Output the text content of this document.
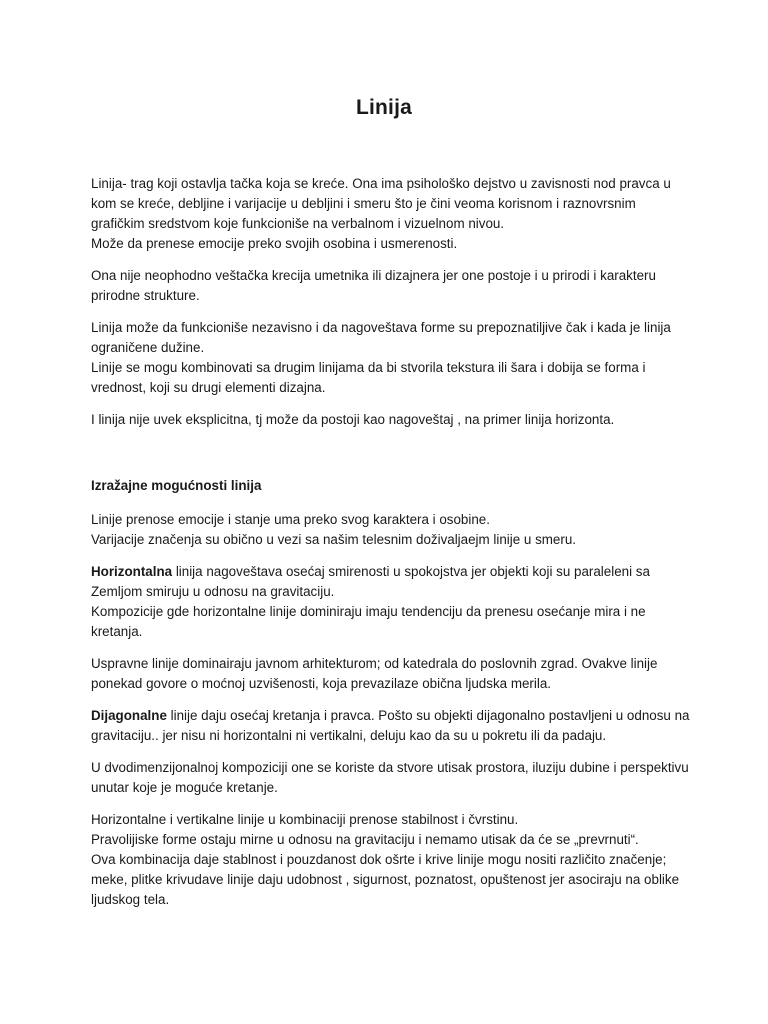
Linija

Linija- trag koji ostavlja tačka koja se kreće. Ona ima psihološko dejstvo u zavisnosti nod pravca u kom se kreće, debljine i varijacije u debljini i smeru što je čini veoma korisnom i raznovrsnim grafičkim sredstvom koje funkcioniše na verbalnom i vizuelnom nivou.
Može da prenese emocije preko svojih osobina i usmerenosti.

Ona nije neophodno veštačka krecija umetnika ili dizajnera jer one postoje i u prirodi i karakteru prirodne strukture.

Linija može da funkcioniše nezavisno i da nagoveštava forme su prepoznatiljive čak i kada je linija ograničene dužine.
Linije se mogu kombinovati sa drugim linijama da bi stvorila tekstura ili šara i dobija se forma i vrednost, koji su drugi elementi dizajna.

I linija nije uvek eksplicitna, tj može da postoji kao nagoveštaj , na primer linija horizonta.

Izražajne mogućnosti linija

Linije prenose emocije i stanje uma preko svog karaktera i osobine.
Varijacije značenja su obično u vezi sa našim telesnim doživaljaejm linije u smeru.

Horizontalna linija nagoveštava osećaj smirenosti u spokojstva jer objekti koji su paraleleni sa Zemljom smiruju u odnosu na gravitaciju.
Kompozicije gde horizontalne linije dominiraju imaju tendenciju da prenesu osećanje mira i ne kretanja.

Uspravne linije dominairaju javnom arhitekturom; od katedrala do poslovnih zgrad. Ovakve linije ponekad govore o moćnoj uzvišenosti, koja prevazilaze obična ljudska merila.

Dijagonalne linije daju osećaj kretanja i pravca. Pošto su objekti dijagonalno postavljeni u odnosu na gravitaciju.. jer nisu ni horizontalni ni vertikalni, deluju kao da su u pokretu ili da padaju.

U dvodimenzijonalnoj kompoziciji one se koriste da stvore utisak prostora, iluziju dubine i perspektivu unutar koje je moguće kretanje.

Horizontalne i vertikalne linije u kombinaciji prenose stabilnost i čvrstinu.
Pravolijiske forme ostaju mirne u odnosu na gravitaciju i nemamo utisak da će se „prevrnuti“.
Ova kombinacija daje stablnost i pouzdanost dok ošrte i krive linije mogu nositi različito značenje; meke, plitke krivudave linije daju udobnost , sigurnost, poznatost, opuštenost jer asociraju na oblike ljudskog tela.
